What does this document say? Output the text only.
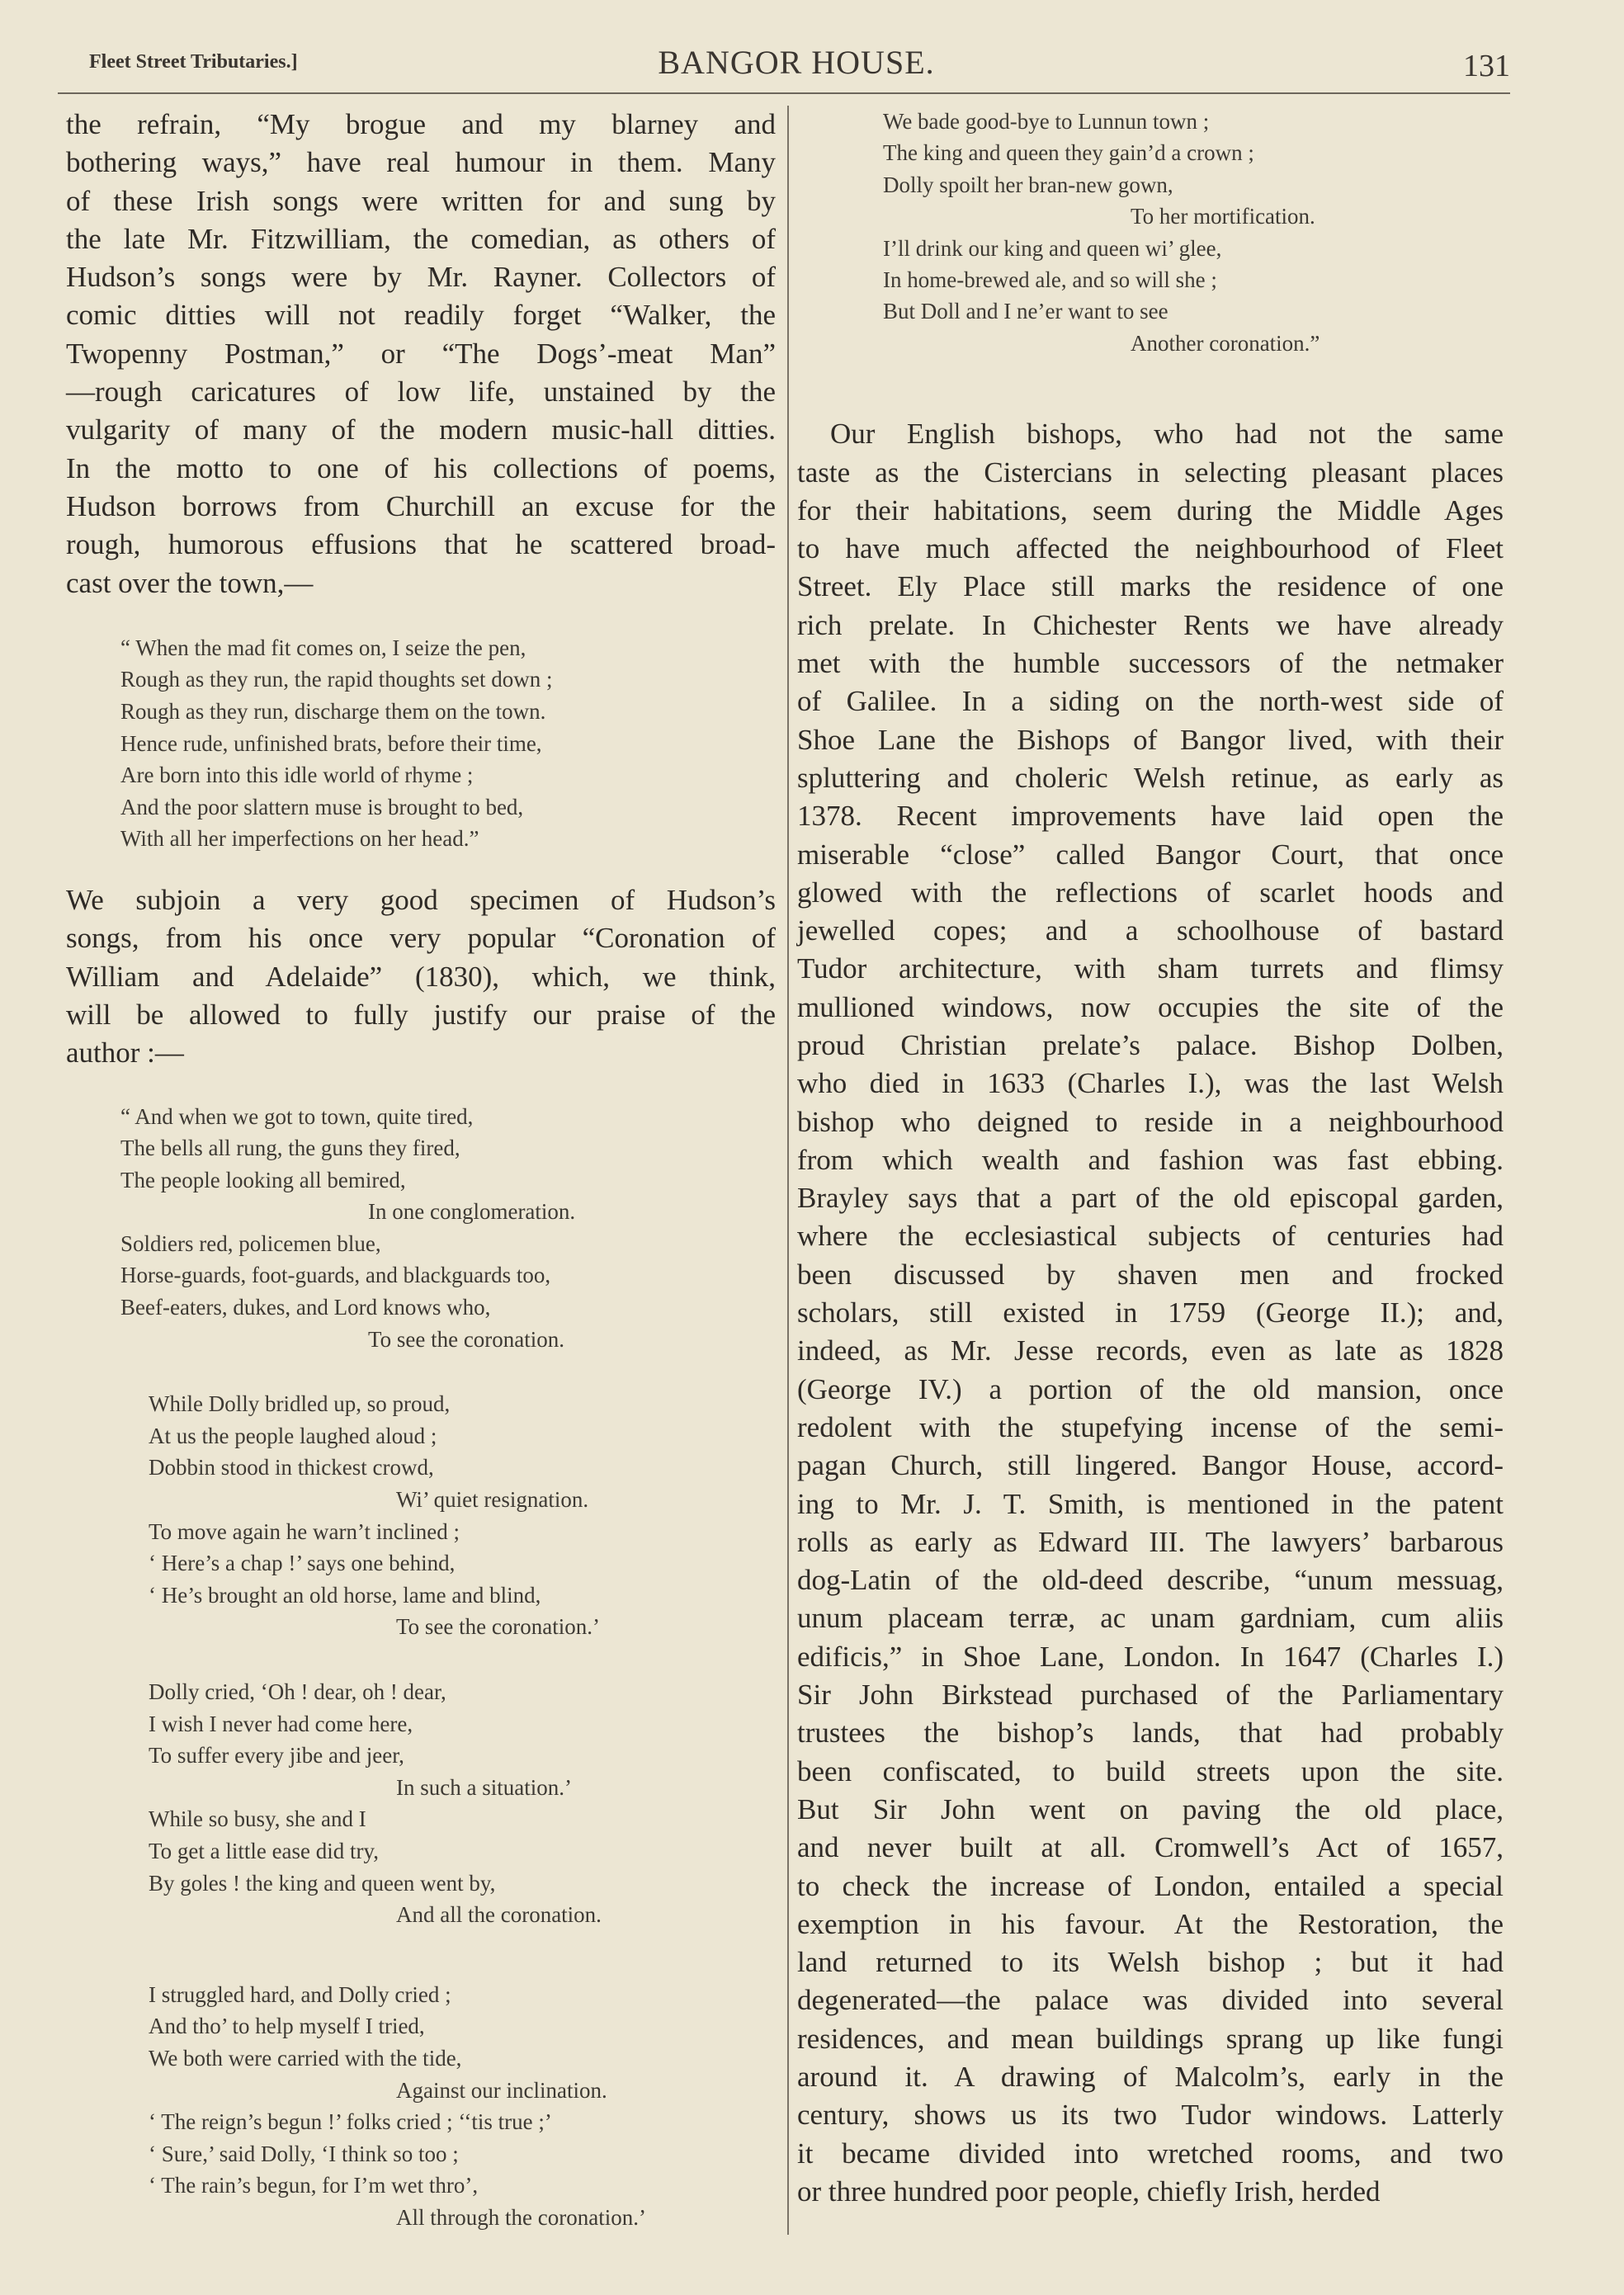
Fleet Street Tributaries.]	BANGOR HOUSE.	131
the refrain, “My brogue and my blarney and
bothering ways,” have real humour in them. Many
of these Irish songs were written for and sung by
the late Mr. Fitzwilliam, the comedian, as others of
Hudson’s songs were by Mr. Rayner. Collectors of
comic ditties will not readily forget “Walker, the
Twopenny Postman,” or “The Dogs’-meat Man”
—rough caricatures of low life, unstained by the
vulgarity of many of the modern music-hall ditties.
In the motto to one of his collections of poems,
Hudson borrows from Churchill an excuse for the
rough, humorous effusions that he scattered broad-
cast over the town,—
“ When the mad fit comes on, I seize the pen,
Rough as they run, the rapid thoughts set down ;
Rough as they run, discharge them on the town.
Hence rude, unfinished brats, before their time,
Are born into this idle world of rhyme ;
And the poor slattern muse is brought to bed,
With all her imperfections on her head.”
We subjoin a very good specimen of Hudson’s
songs, from his once very popular “Coronation of
William and Adelaide” (1830), which, we think,
will be allowed to fully justify our praise of the
author :—
“ And when we got to town, quite tired,
The bells all rung, the guns they fired,
The people looking all bemired,
In one conglomeration.
Soldiers red, policemen blue,
Horse-guards, foot-guards, and blackguards too,
Beef-eaters, dukes, and Lord knows who,
To see the coronation.
While Dolly bridled up, so proud,
At us the people laughed aloud ;
Dobbin stood in thickest crowd,
Wi’ quiet resignation.
To move again he warn’t inclined ;
‘ Here’s a chap !’ says one behind,
‘ He’s brought an old horse, lame and blind,
To see the coronation.’
Dolly cried, ‘Oh ! dear, oh ! dear,
I wish I never had come here,
To suffer every jibe and jeer,
In such a situation.’
While so busy, she and I
To get a little ease did try,
By goles ! the king and queen went by,
And all the coronation.
I struggled hard, and Dolly cried ;
And tho’ to help myself I tried,
We both were carried with the tide,
Against our inclination.
‘ The reign’s begun !’ folks cried ; ‘‘tis true ;’
‘ Sure,’ said Dolly, ‘I think so too ;
‘ The rain’s begun, for I’m wet thro’,
All through the coronation.’
We bade good-bye to Lunnun town ;
The king and queen they gain’d a crown ;
Dolly spoilt her bran-new gown,
To her mortification.
I’ll drink our king and queen wi’ glee,
In home-brewed ale, and so will she ;
But Doll and I ne’er want to see
Another coronation.”
Our English bishops, who had not the same
taste as the Cistercians in selecting pleasant places
for their habitations, seem during the Middle Ages
to have much affected the neighbourhood of Fleet
Street. Ely Place still marks the residence of one
rich prelate. In Chichester Rents we have already
met with the humble successors of the netmaker
of Galilee. In a siding on the north-west side of
Shoe Lane the Bishops of Bangor lived, with their
spluttering and choleric Welsh retinue, as early as
1378. Recent improvements have laid open the
miserable “close” called Bangor Court, that once
glowed with the reflections of scarlet hoods and
jewelled copes; and a schoolhouse of bastard
Tudor architecture, with sham turrets and flimsy
mullioned windows, now occupies the site of the
proud Christian prelate’s palace. Bishop Dolben,
who died in 1633 (Charles I.), was the last Welsh
bishop who deigned to reside in a neighbourhood
from which wealth and fashion was fast ebbing.
Brayley says that a part of the old episcopal garden,
where the ecclesiastical subjects of centuries had
been discussed by shaven men and frocked
scholars, still existed in 1759 (George II.); and,
indeed, as Mr. Jesse records, even as late as 1828
(George IV.) a portion of the old mansion, once
redolent with the stupefying incense of the semi-
pagan Church, still lingered. Bangor House, accord-
ing to Mr. J. T. Smith, is mentioned in the patent
rolls as early as Edward III. The lawyers’ barbarous
dog-Latin of the old-deed describe, “unum messuag,
unum placeam terræ, ac unam gardniam, cum aliis
edificis,” in Shoe Lane, London. In 1647 (Charles I.)
Sir John Birkstead purchased of the Parliamentary
trustees the bishop’s lands, that had probably
been confiscated, to build streets upon the site.
But Sir John went on paving the old place,
and never built at all. Cromwell’s Act of 1657,
to check the increase of London, entailed a special
exemption in his favour. At the Restoration, the
land returned to its Welsh bishop ; but it had
degenerated—the palace was divided into several
residences, and mean buildings sprang up like fungi
around it. A drawing of Malcolm’s, early in the
century, shows us its two Tudor windows. Latterly
it became divided into wretched rooms, and two
or three hundred poor people, chiefly Irish, herded
